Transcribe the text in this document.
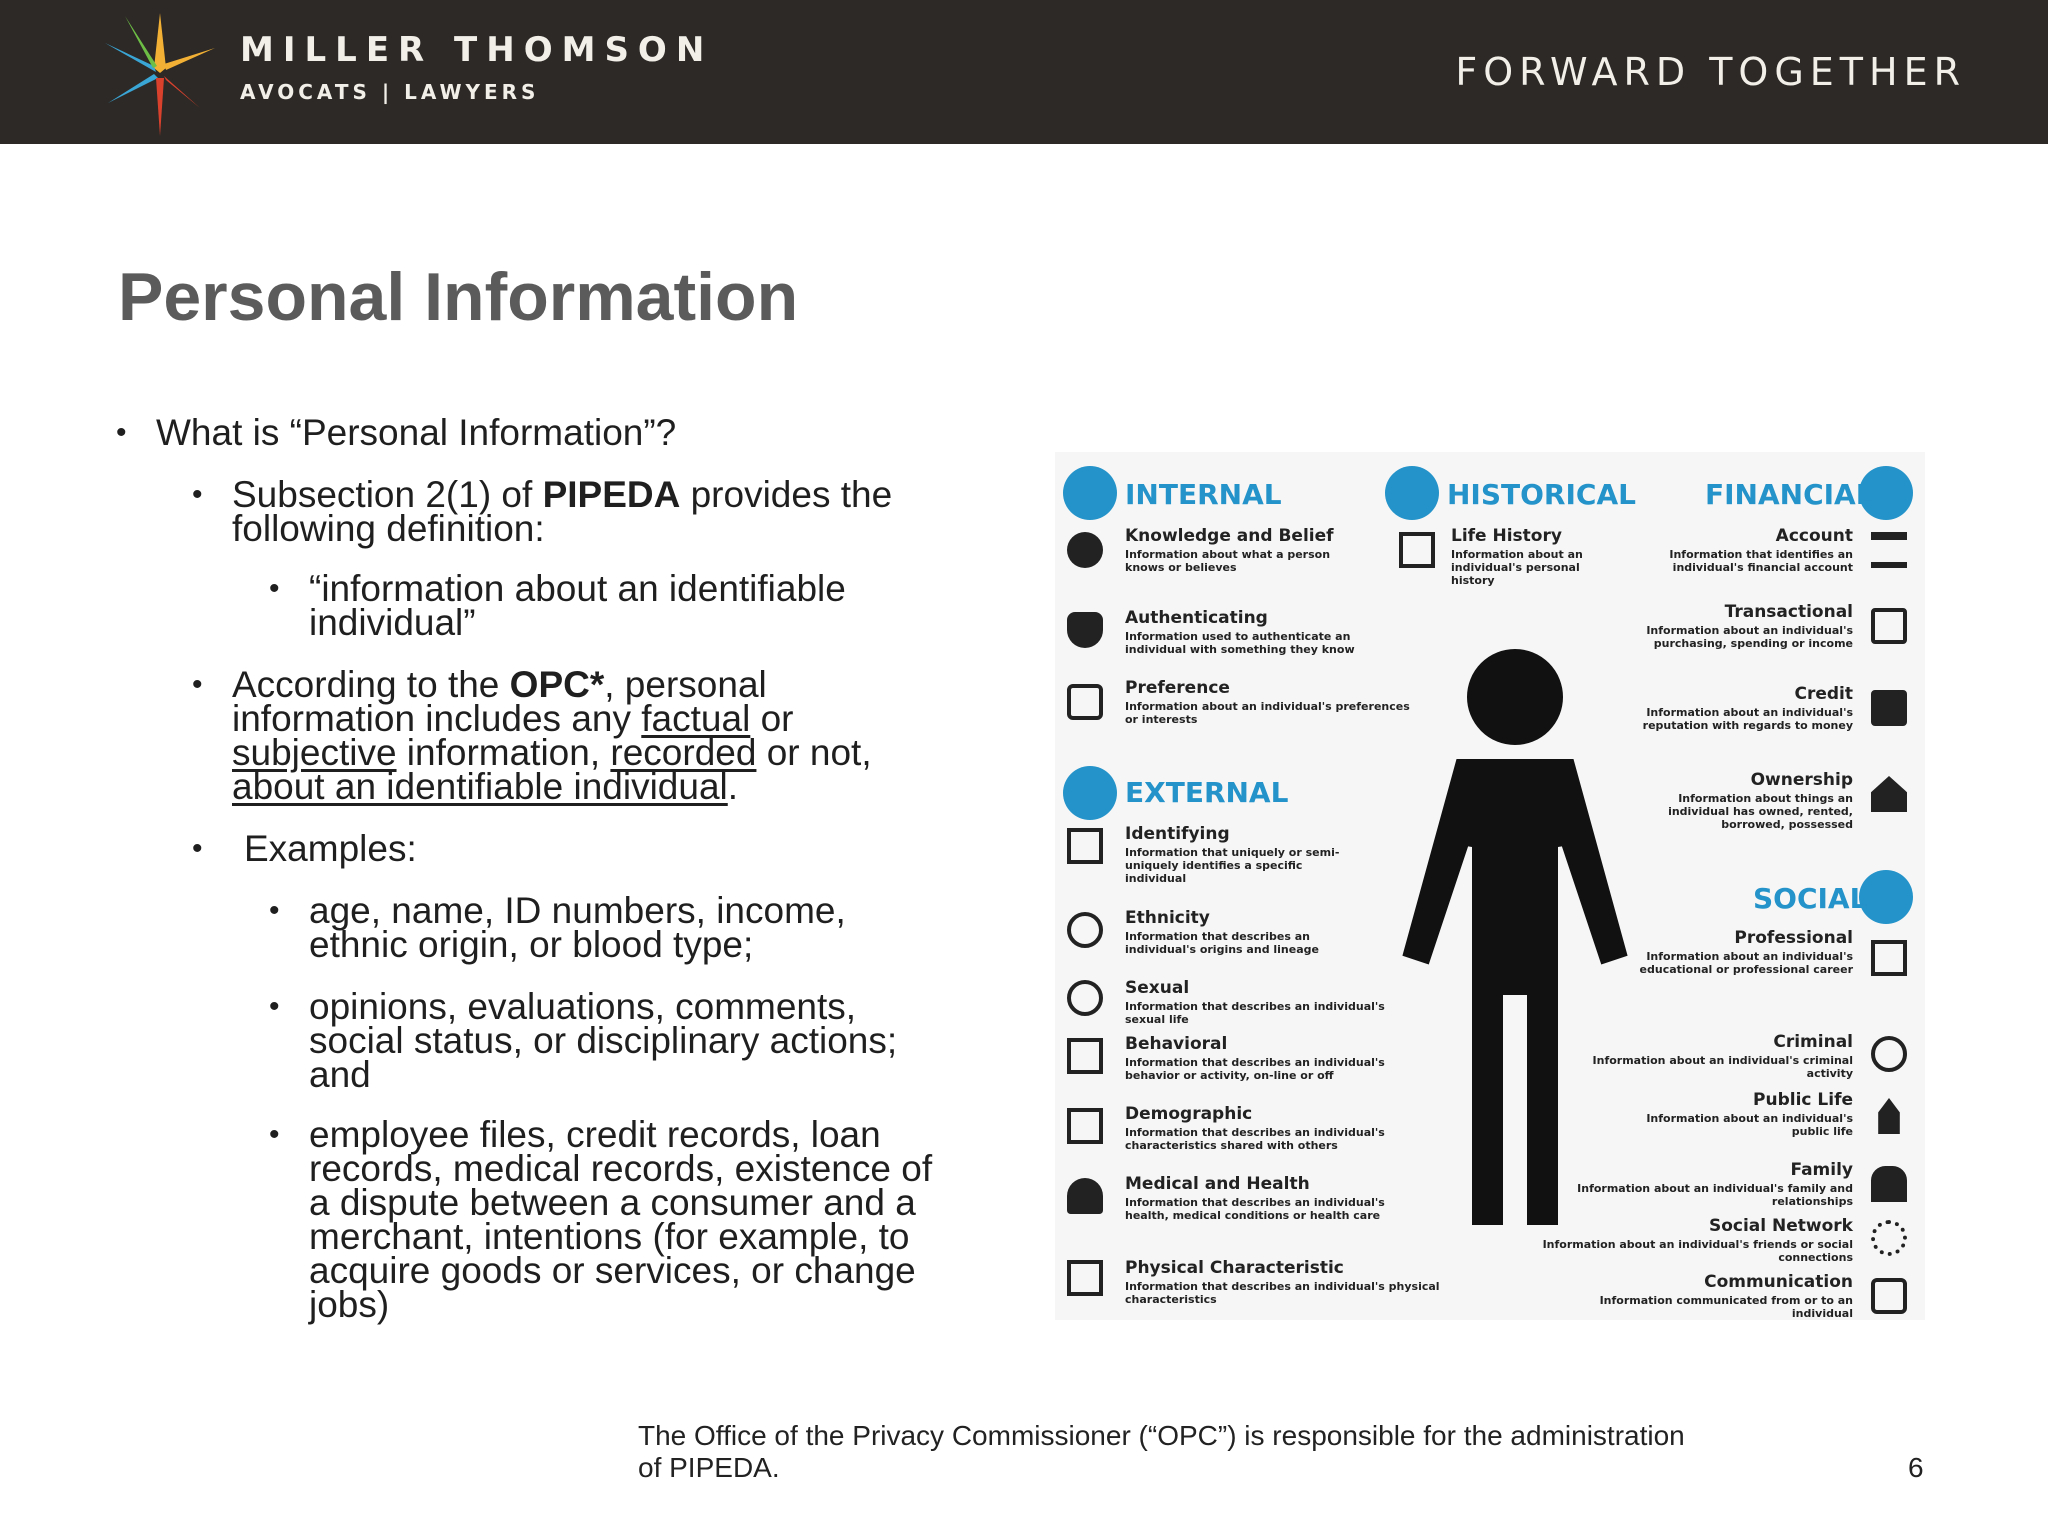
MILLER THOMSON
AVOCATS | LAWYERS	FORWARD TOGETHER
Personal Information
• What is “Personal Information”?
• Subsection 2(1) of PIPEDA provides the
following definition:
• “information about an identifiable
individual”
• According to the OPC*, personal
information includes any factual or
subjective information, recorded or not,
about an identifiable individual.
• Examples:
• age, name, ID numbers, income,
ethnic origin, or blood type;
• opinions, evaluations, comments,
social status, or disciplinary actions;
and
• employee files, credit records, loan
records, medical records, existence of
a dispute between a consumer and a
merchant, intentions (for example, to
acquire goods or services, or change
jobs)
INTERNAL	HISTORICAL FINANCIAL
EXTERNAL
SOCIAL
Knowledge and Belief
Information about what a person knows or believes
Authenticating
Information used to authenticate an individual with something they know
Preference
Information about an individual's preferences or interests
Identifying
Information that uniquely or semi-uniquely identifies a specific individual
Ethnicity
Information that describes an individual's origins and lineage
Sexual
Information that describes an individual's sexual life
Behavioral
Information that describes an individual's behavior or activity, on-line or off
Demographic
Information that describes an individual's characteristics shared with others
Medical and Health
Information that describes an individual's health, medical conditions or health care
Physical Characteristic
Information that describes an individual's physical characteristics
Life History
Information about an individual's personal history
Account
Information that identifies an individual's financial account
Transactional
Information about an individual's purchasing, spending or income
Credit
Information about an individual's reputation with regards to money
Ownership
Information about things an individual has owned, rented, borrowed, possessed
Professional
Information about an individual's educational or professional career
Criminal
Information about an individual's criminal activity
Public Life
Information about an individual's public life
Family
Information about an individual's family and relationships
Social Network
Information about an individual's friends or social connections
Communication
Information communicated from or to an individual
The Office of the Privacy Commissioner (“OPC”) is responsible for the administration
of PIPEDA.	6
